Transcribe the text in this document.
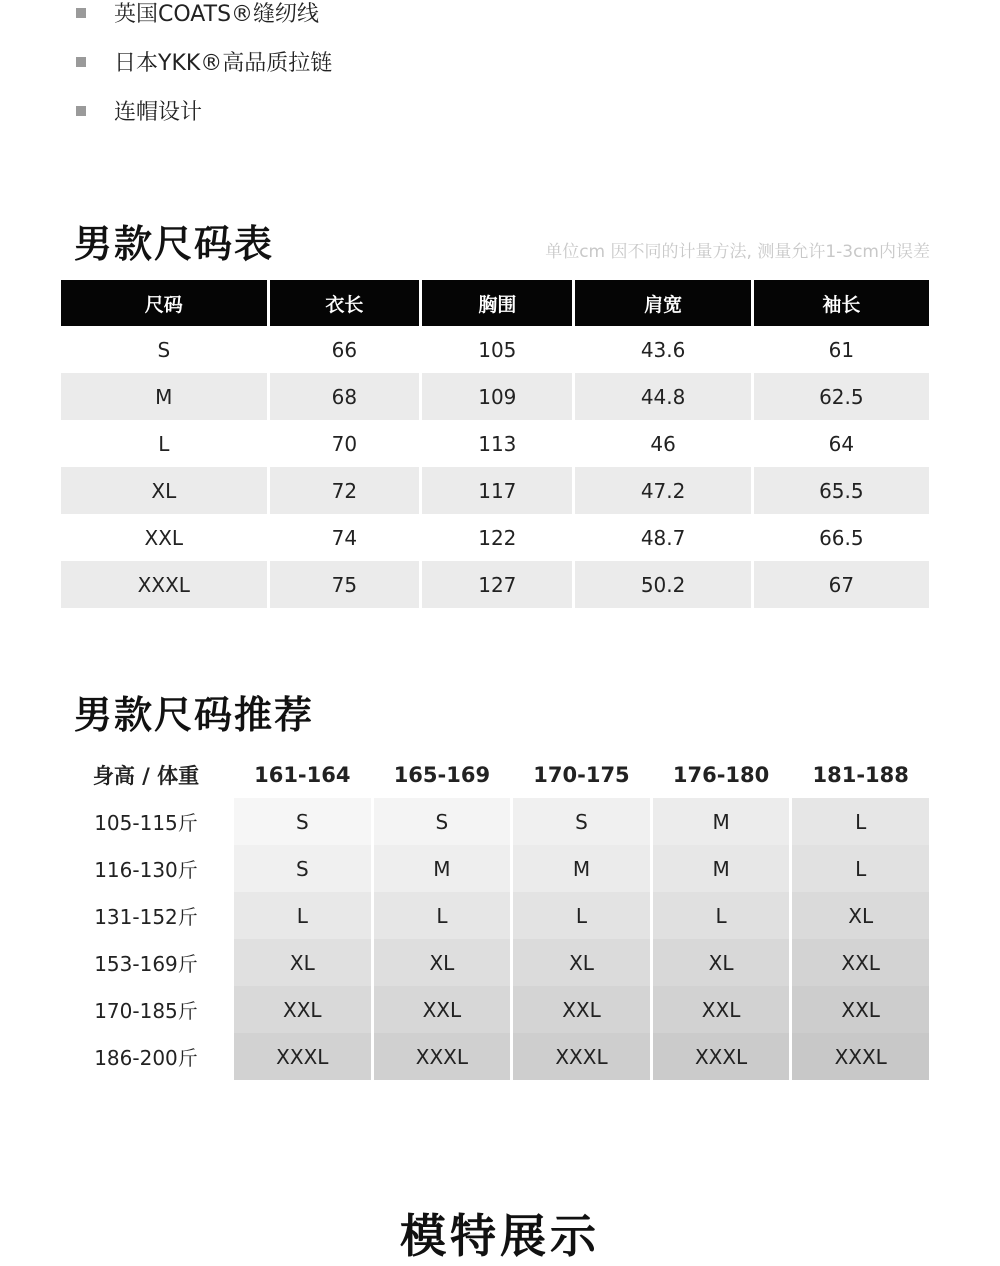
英国COATS®缝纫线
日本YKK®高品质拉链
连帽设计
男款尺码表	单位cm 因不同的计量方法, 测量允许1-3cm内误差
尺码	衣长	胸围	肩宽	袖长
S	66	105	43.6	61
M	68	109	44.8	62.5
L	70	113	46	64
XL	72	117	47.2	65.5
XXL	74	122	48.7	66.5
XXXL	75	127	50.2	67
男款尺码推荐
身高 / 体重	161-164	165-169	170-175	176-180	181-188
105-115斤	S	S	S	M	L
116-130斤	S	M	M	M	L
131-152斤	L	L	L	L	XL
153-169斤	XL	XL	XL	XL	XXL
170-185斤	XXL	XXL	XXL	XXL	XXL
186-200斤	XXXL	XXXL	XXXL	XXXL	XXXL
模特展示
